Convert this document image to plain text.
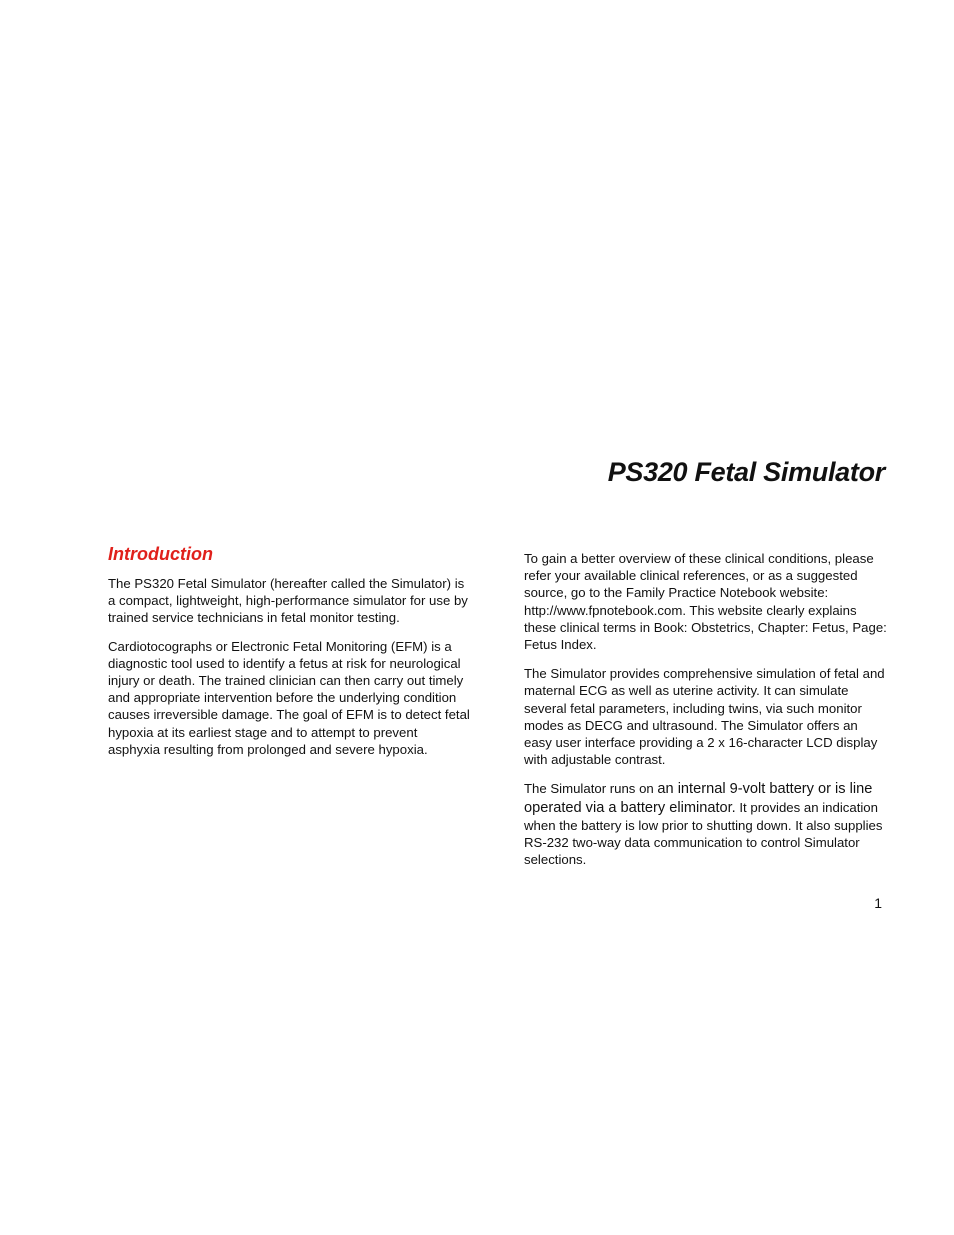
PS320 Fetal Simulator
Introduction

The PS320 Fetal Simulator (hereafter called the Simulator) is a compact, lightweight, high-performance simulator for use by trained service technicians in fetal monitor testing.

Cardiotocographs or Electronic Fetal Monitoring (EFM) is a diagnostic tool used to identify a fetus at risk for neurological injury or death. The trained clinician can then carry out timely and appropriate intervention before the underlying condition causes irreversible damage. The goal of EFM is to detect fetal hypoxia at its earliest stage and to attempt to prevent asphyxia resulting from prolonged and severe hypoxia.

To gain a better overview of these clinical conditions, please refer your available clinical references, or as a suggested source, go to the Family Practice Notebook website: http://www.fpnotebook.com. This website clearly explains these clinical terms in Book: Obstetrics, Chapter: Fetus, Page: Fetus Index.

The Simulator provides comprehensive simulation of fetal and maternal ECG as well as uterine activity. It can simulate several fetal parameters, including twins, via such monitor modes as DECG and ultrasound. The Simulator offers an easy user interface providing a 2 x 16-character LCD display with adjustable contrast.

The Simulator runs on an internal 9-volt battery or is line operated via a battery eliminator. It provides an indication when the battery is low prior to shutting down. It also supplies RS-232 two-way data communication to control Simulator selections.

1
